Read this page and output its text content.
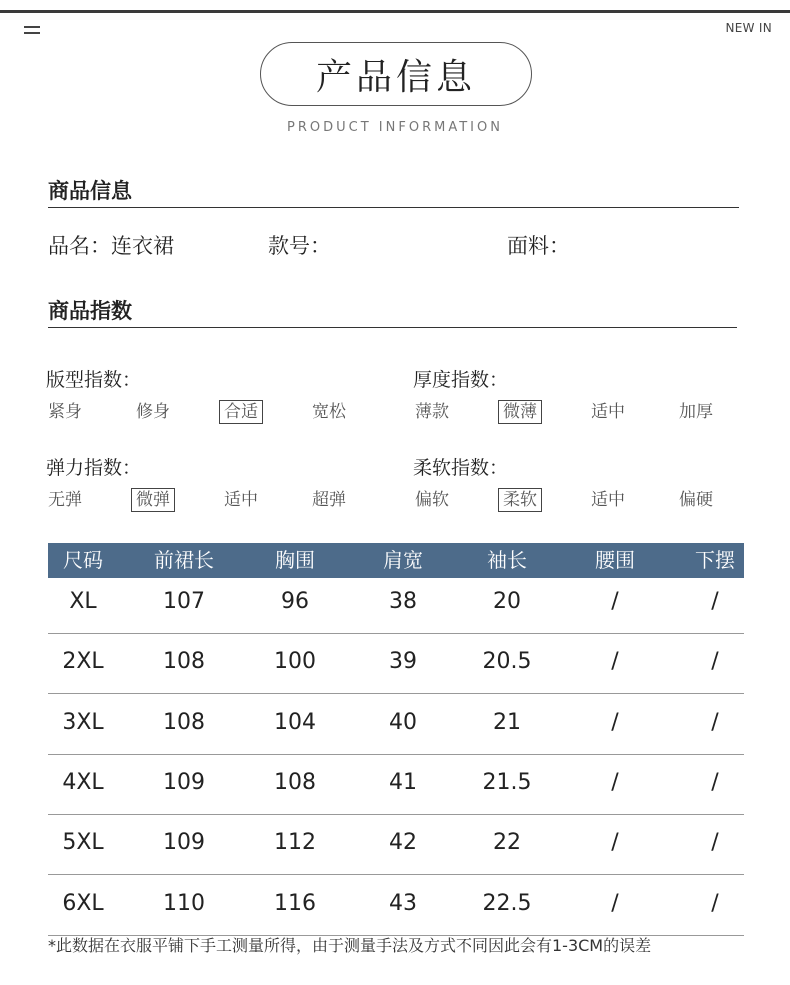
NEW IN
产品信息
PRODUCT INFORMATION
商品信息
品名：连衣裙	款号：	面料：
商品指数
版型指数：
紧身	修身	合适	宽松
厚度指数：
薄款	微薄	适中	加厚
弹力指数：
无弹	微弹	适中	超弹
柔软指数：
偏软	柔软	适中	偏硬
尺码	前裙长	胸围	肩宽	袖长	腰围	下摆
XL	107	96	38	20	/	/
2XL	108	100	39	20.5	/	/
3XL	108	104	40	21	/	/
4XL	109	108	41	21.5	/	/
5XL	109	112	42	22	/	/
6XL	110	116	43	22.5	/	/
*此数据在衣服平铺下手工测量所得，由于测量手法及方式不同因此会有1-3CM的误差
